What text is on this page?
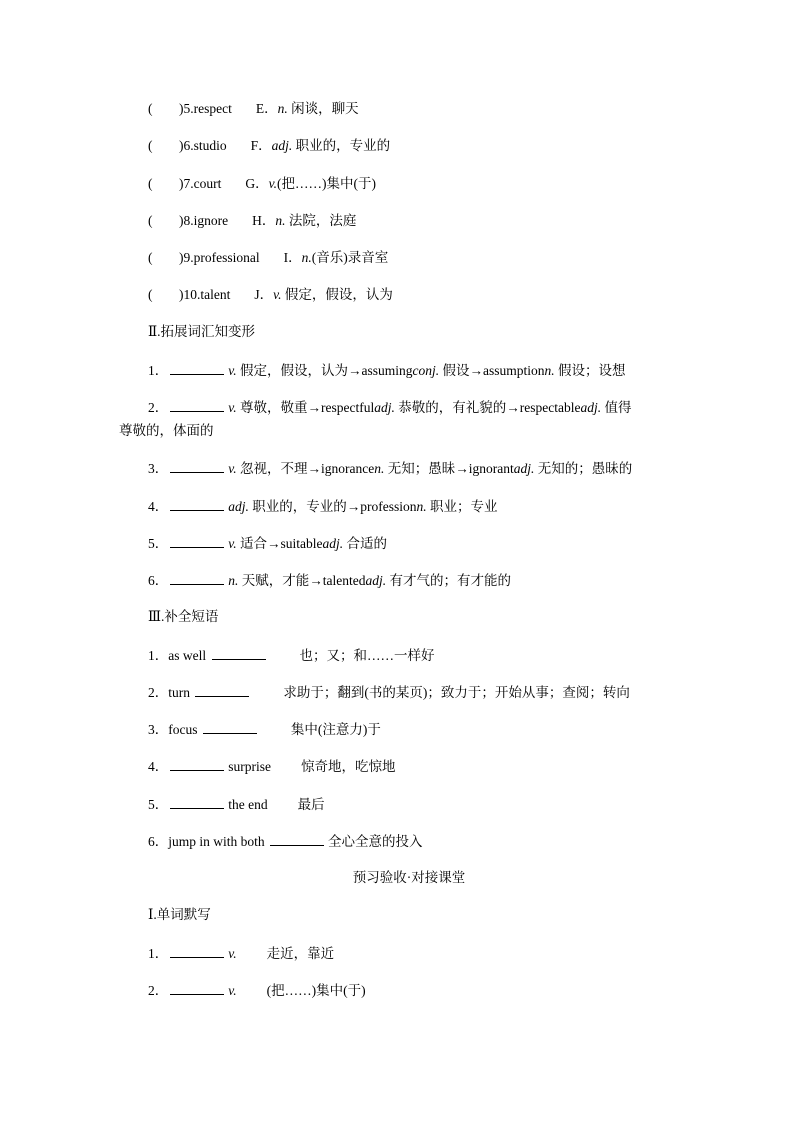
( )5.respect E．n. 闲谈，聊天
( )6.studio F．adj. 职业的，专业的
( )7.court G．v.(把……)集中(于)
( )8.ignore H．n. 法院，法庭
( )9.professional I．n.(音乐)录音室
( )10.talent J．v. 假定，假设，认为
Ⅱ.拓展词汇知变形
1．	v. 假定，假设，认为→assumingconj. 假设→assumptionn. 假设；设想
2．	v. 尊敬，敬重→respectfuladj. 恭敬的，有礼貌的→respectableadj. 值得
尊敬的，体面的
3．	v. 忽视，不理→ignorancen. 无知；愚昧→ignorantadj. 无知的；愚昧的
4．	adj. 职业的，专业的→professionn. 职业；专业
5．	v. 适合→suitableadj. 合适的
6．	n. 天赋，才能→talentedadj. 有才气的；有才能的
Ⅲ.补全短语
1．as well	也；又；和……一样好
2．turn	求助于；翻到(书的某页)；致力于；开始从事；查阅；转向
3．focus	集中(注意力)于
4．	surprise 惊奇地，吃惊地
5．	the end 最后
6．jump in with both	全心全意的投入
预习验收·对接课堂
Ⅰ.单词默写
1．	v. 走近，靠近
2．	v. (把……)集中(于)
